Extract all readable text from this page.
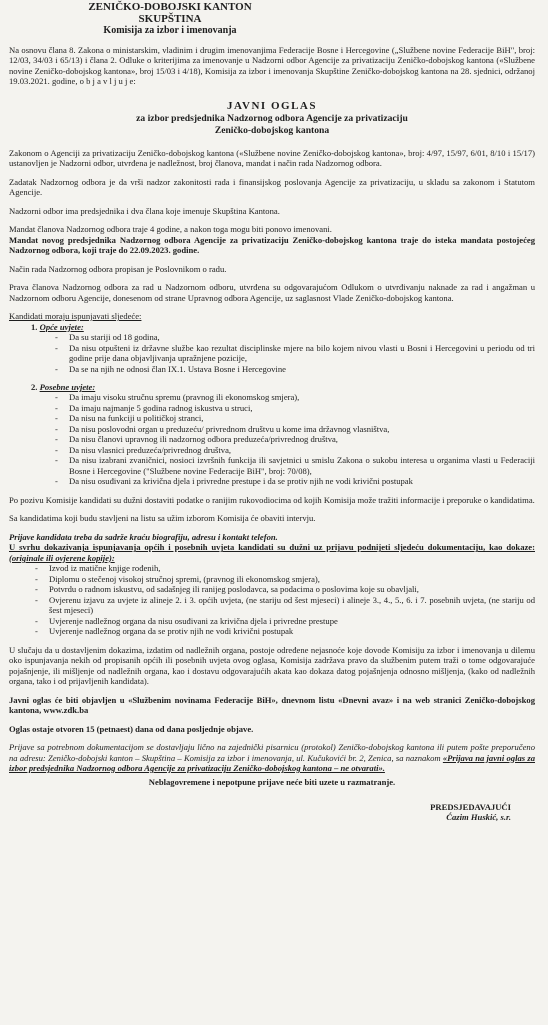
ZENIČKO-DOBOJSKI KANTON
SKUPŠTINA
Komisija za izbor i imenovanja

Na osnovu člana 8. Zakona o ministarskim, vladinim i drugim imenovanjima Federacije Bosne i Hercegovine („Službene novine Federacije BiH", broj: 12/03, 34/03 i 65/13) i člana 2. Odluke o kriterijima za imenovanje u Nadzorni odbor Agencije za privatizaciju Zeničko-dobojskog kantona («Službene novine Zeničko-dobojskog kantona», broj 15/03 i 4/18), Komisija za izbor i imenovanja Skupštine Zeničko-dobojskog kantona na 28. sjednici, održanoj 19.03.2021. godine, o b j a v l j u j e:

JAVNI OGLAS
za izbor predsjednika Nadzornog odbora Agencije za privatizaciju
Zeničko-dobojskog kantona

Zakonom o Agenciji za privatizaciju Zeničko-dobojskog kantona («Službene novine Zeničko-dobojskog kantona», broj: 4/97, 15/97, 6/01, 8/10 i 15/17) ustanovljen je Nadzorni odbor, utvrđena je nadležnost, broj članova, mandat i način rada Nadzornog odbora.

Zadatak Nadzornog odbora je da vrši nadzor zakonitosti rada i finansijskog poslovanja Agencije za privatizaciju, u skladu sa zakonom i Statutom Agencije.

Nadzorni odbor ima predsjednika i dva člana koje imenuje Skupština Kantona.

Mandat članova Nadzornog odbora traje 4 godine, a nakon toga mogu biti ponovo imenovani.

Mandat novog predsjednika Nadzornog odbora Agencije za privatizaciju Zeničko-dobojskog kantona traje do isteka mandata postojećeg Nadzornog odbora, koji traje do 22.09.2023. godine.

Način rada Nadzornog odbora propisan je Poslovnikom o radu.

Prava članova Nadzornog odbora za rad u Nadzornom odboru, utvrđena su odgovarajućom Odlukom o utvrđivanju naknade za rad i angažman u Nadzornom odboru Agencije, donesenom od strane Upravnog odbora Agencije, uz saglasnost Vlade Zeničko-dobojskog kantona.

Kandidati moraju ispunjavati sljedeće:

1. Opće uvjete:
- Da su stariji od 18 godina,
- Da nisu otpušteni iz državne službe kao rezultat disciplinske mjere na bilo kojem nivou vlasti u Bosni i Hercegovini u periodu od tri godine prije dana objavljivanja upražnjene pozicije,
- Da se na njih ne odnosi član IX.1. Ustava Bosne i Hercegovine
2. Posebne uvjete:
- Da imaju visoku stručnu spremu (pravnog ili ekonomskog smjera),
- Da imaju najmanje 5 godina radnog iskustva u struci,
- Da nisu na funkciji u političkoj stranci,
- Da nisu poslovodni organ u preduzeću/ privrednom društvu u kome ima državnog vlasništva,
- Da nisu članovi upravnog ili nadzornog odbora preduzeća/privrednog društva,
- Da nisu vlasnici preduzeća/privrednog društva,
- Da nisu izabrani zvaničnici, nosioci izvršnih funkcija ili savjetnici u smislu Zakona o sukobu interesa u organima vlasti u Federaciji Bosne i Hercegovine ("Službene novine Federacije BiH", broj: 70/08),
- Da nisu osuđivani za krivična djela i privredne prestupe i da se protiv njih ne vodi krivični postupak

Po pozivu Komisije kandidati su dužni dostaviti podatke o ranijim rukovodiocima od kojih Komisija može tražiti informacije i preporuke o kandidatima.

Sa kandidatima koji budu stavljeni na listu sa užim izborom Komisija će obaviti intervju.

Prijave kandidata treba da sadrže kraću biografiju, adresu i kontakt telefon.

U svrhu dokazivanja ispunjavanja općih i posebnih uvjeta kandidati su dužni uz prijavu podnijeti sljedeću dokumentaciju, kao dokaze: (originale ili ovjerene kopije):

- Izvod iz matične knjige rođenih,
- Diplomu o stečenoj visokoj stručnoj spremi, (pravnog ili ekonomskog smjera),
- Potvrdu o radnom iskustvu, od sadašnjeg ili ranijeg poslodavca, sa podacima o poslovima koje su obavljali,
- Ovjerenu izjavu za uvjete iz alineje 2. i 3. općih uvjeta, (ne stariju od šest mjeseci) i alineje 3., 4., 5., 6. i 7. posebnih uvjeta, (ne stariju od šest mjeseci)
- Uvjerenje nadležnog organa da nisu osuđivani za krivična djela i privredne prestupe
- Uvjerenje nadležnog organa da se protiv njih ne vodi krivični postupak

U slučaju da u dostavljenim dokazima, izdatim od nadležnih organa, postoje određene nejasnoće koje dovode Komisiju za izbor i imenovanja u dilemu oko ispunjavanja nekih od propisanih općih ili posebnih uvjeta ovog oglasa, Komisija zadržava pravo da službenim putem traži o tome odgovarajuće pojašnjenje, ili mišljenje od nadležnih organa, kao i dostavu odgovarajućih akata kao dokaza datog pojašnjenja odnosno mišljenja, (kako od nadležnih organa, tako i od prijavljenih kandidata).

Javni oglas će biti objavljen u «Službenim novinama Federacije BiH», dnevnom listu «Dnevni avaz» i na web stranici Zeničko-dobojskog kantona, www.zdk.ba

Oglas ostaje otvoren 15 (petnaest) dana od dana posljednje objave.

Prijave sa potrebnom dokumentacijom se dostavljaju lično na zajednički pisarnicu (protokol) Zeničko-dobojskog kantona ili putem pošte preporučeno na adresu: Zeničko-dobojski kanton – Skupština – Komisija za izbor i imenovanja, ul. Kučukovići br. 2, Zenica, sa naznakom «Prijava na javni oglas za izbor predsjednika Nadzornog odbora Agencije za privatizaciju Zeničko-dobojskog kantona – ne otvarati».

Neblagovremene i nepotpune prijave neće biti uzete u razmatranje.

PREDSJEDAVAJUĆI
Ćazim Huskić, s.r.
